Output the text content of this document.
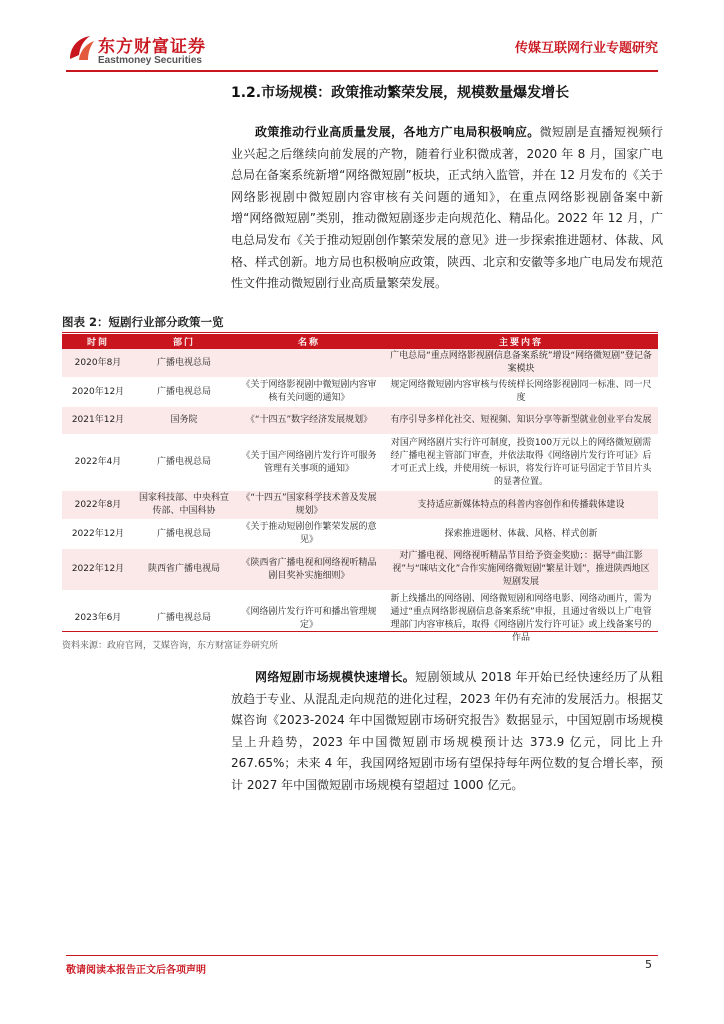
东方财富证券
Eastmoney Securities
传媒互联网行业专题研究
1.2.市场规模：政策推动繁荣发展，规模数量爆发增长
政策推动行业高质量发展，各地方广电局积极响应。微短剧是直播短视频行业兴起之后继续向前发展的产物，随着行业积微成著，2020 年 8 月，国家广电总局在备案系统新增“网络微短剧”板块，正式纳入监管，并在 12 月发布的《关于网络影视剧中微短剧内容审核有关问题的通知》，在重点网络影视剧备案中新增“网络微短剧”类别，推动微短剧逐步走向规范化、精品化。2022 年 12 月，广电总局发布《关于推动短剧创作繁荣发展的意见》进一步探索推进题材、体裁、风格、样式创新。地方局也积极响应政策，陕西、北京和安徽等多地广电局发布规范性文件推动微短剧行业高质量繁荣发展。
图表 2：短剧行业部分政策一览
时间	部门	名称	主要内容
2020年8月	广播电视总局		广电总局“重点网络影视剧信息备案系统”增设“网络微短剧”登记备案模块
2020年12月	广播电视总局	《关于网络影视剧中微短剧内容审核有关问题的通知》	规定网络微短剧内容审核与传统样长网络影视剧同一标准、同一尺度
2021年12月	国务院	《“十四五”数字经济发展规划》	有序引导多样化社交、短视频、知识分享等新型就业创业平台发展
2022年4月	广播电视总局	《关于国产网络剧片发行许可服务管理有关事项的通知》	对国产网络剧片实行许可制度，投资100万元以上的网络微短剧需经广播电视主管部门审查，并依法取得《网络剧片发行许可证》后才可正式上线，并使用统一标识，将发行许可证号固定于节目片头的显著位置。
2022年8月	国家科技部、中央科宣传部、中国科协	《“十四五”国家科学技术普及发展规划》	支持适应新媒体特点的科普内容创作和传播载体建设
2022年12月	广播电视总局	《关于推动短剧创作繁荣发展的意见》	探索推进题材、体裁、风格、样式创新
2022年12月	陕西省广播电视局	《陕西省广播电视和网络视听精品剧目奖补实施细则》	对广播电视、网络视听精品节目给予资金奖励；：据导“曲江影视”与“咪咕文化”合作实施网络微短剧“繁星计划”，推进陕西地区短剧发展
2023年6月	广播电视总局	《网络剧片发行许可和播出管理规定》	新上线播出的网络剧、网络微短剧和网络电影、网络动画片，需为通过“重点网络影视剧信息备案系统”申报，且通过省级以上广电管理部门内容审核后，取得《网络剧片发行许可证》或上线备案号的作品
资料来源：政府官网，艾媒咨询，东方财富证券研究所
网络短剧市场规模快速增长。短剧领域从 2018 年开始已经快速经历了从粗放趋于专业、从混乱走向规范的进化过程，2023 年仍有充沛的发展活力。根据艾媒咨询《2023-2024 年中国微短剧市场研究报告》数据显示，中国短剧市场规模呈上升趋势，2023 年中国微短剧市场规模预计达 373.9 亿元，同比上升 267.65%；未来 4 年，我国网络短剧市场有望保持每年两位数的复合增长率，预计 2027 年中国微短剧市场规模有望超过 1000 亿元。
敬请阅读本报告正文后各项声明	5
